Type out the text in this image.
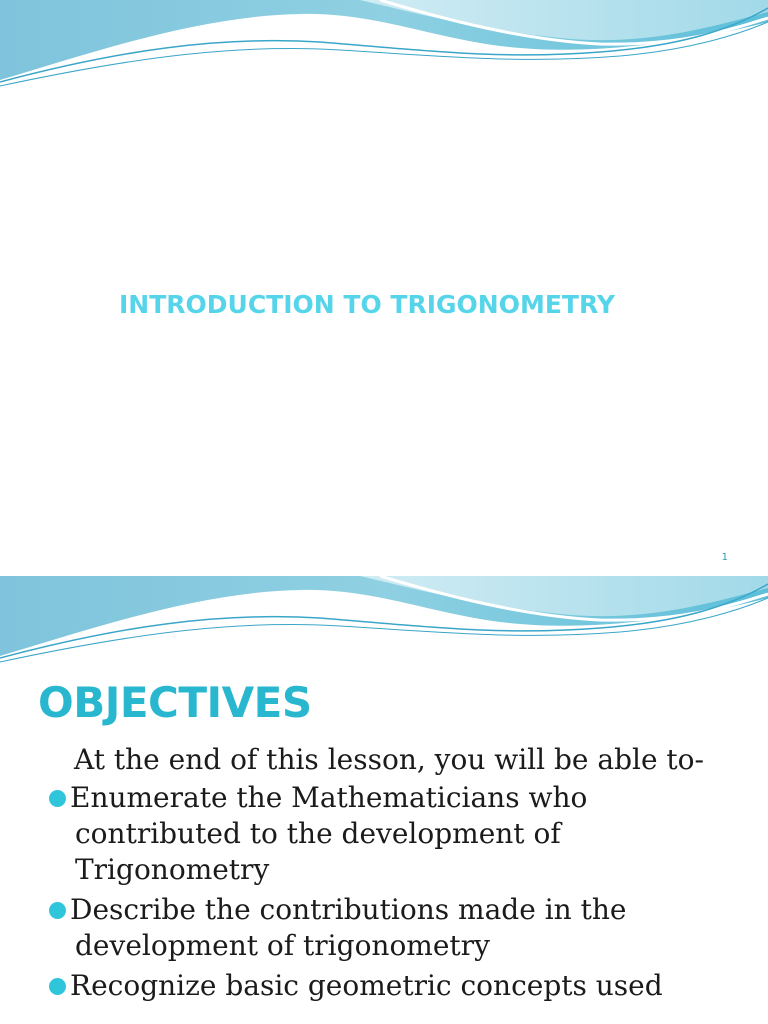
INTRODUCTION TO TRIGONOMETRY
1
OBJECTIVES

At the end of this lesson, you will be able to-

Enumerate the Mathematicians who contributed to the development of Trigonometry
Describe the contributions made in the development of trigonometry
Recognize basic geometric concepts used
